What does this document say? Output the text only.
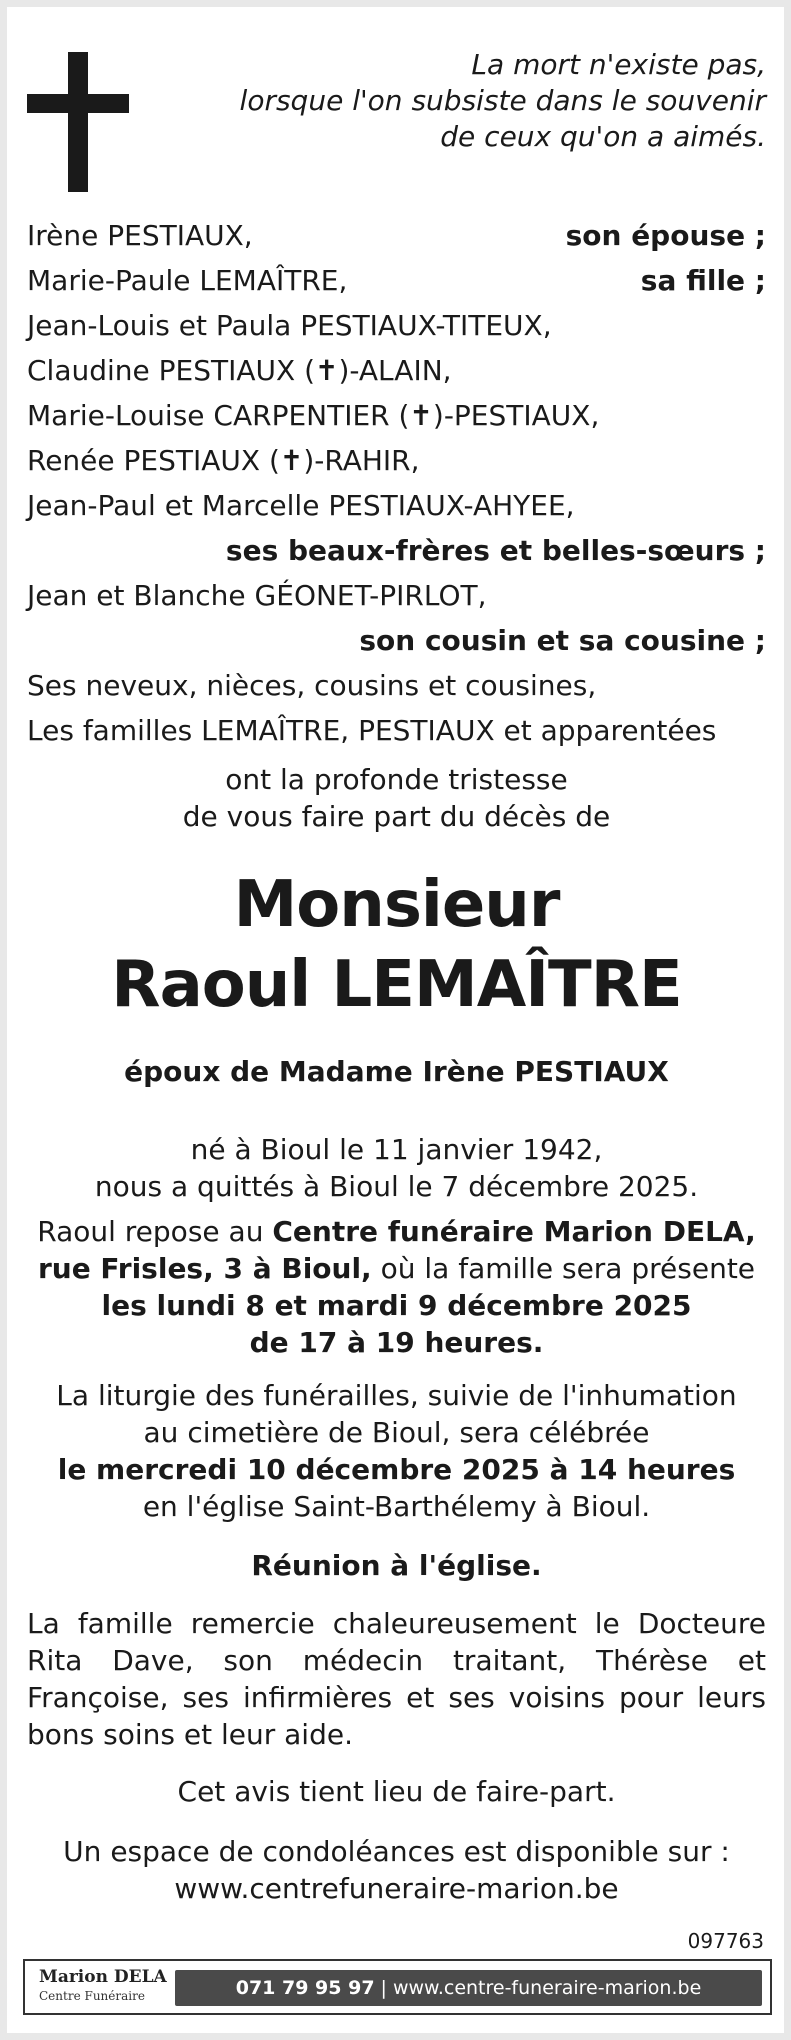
La mort n'existe pas,
lorsque l'on subsiste dans le souvenir
de ceux qu'on a aimés.
Irène PESTIAUX,	son épouse ;
Marie-Paule LEMAÎTRE,	sa fille ;
Jean-Louis et Paula PESTIAUX-TITEUX,
Claudine PESTIAUX (✝)-ALAIN,
Marie-Louise CARPENTIER (✝)-PESTIAUX,
Renée PESTIAUX (✝)-RAHIR,
Jean-Paul et Marcelle PESTIAUX-AHYEE,
ses beaux-frères et belles-sœurs ;
Jean et Blanche GÉONET-PIRLOT,
son cousin et sa cousine ;
Ses neveux, nièces, cousins et cousines,
Les familles LEMAÎTRE, PESTIAUX et apparentées
ont la profonde tristesse
de vous faire part du décès de
Monsieur
Raoul LEMAÎTRE
époux de Madame Irène PESTIAUX
né à Bioul le 11 janvier 1942,
nous a quittés à Bioul le 7 décembre 2025.
Raoul repose au Centre funéraire Marion DELA,
rue Frisles, 3 à Bioul, où la famille sera présente
les lundi 8 et mardi 9 décembre 2025
de 17 à 19 heures.
La liturgie des funérailles, suivie de l'inhumation
au cimetière de Bioul, sera célébrée
le mercredi 10 décembre 2025 à 14 heures
en l'église Saint-Barthélemy à Bioul.
Réunion à l'église.
La famille remercie chaleureusement le Docteure Rita Dave, son médecin traitant, Thérèse et Françoise, ses infirmières et ses voisins pour leurs bons soins et leur aide.
Cet avis tient lieu de faire-part.
Un espace de condoléances est disponible sur :
www.centrefuneraire-marion.be
097763
Marion DELA
Centre Funéraire	071 79 95 97 | www.centre-funeraire-marion.be
